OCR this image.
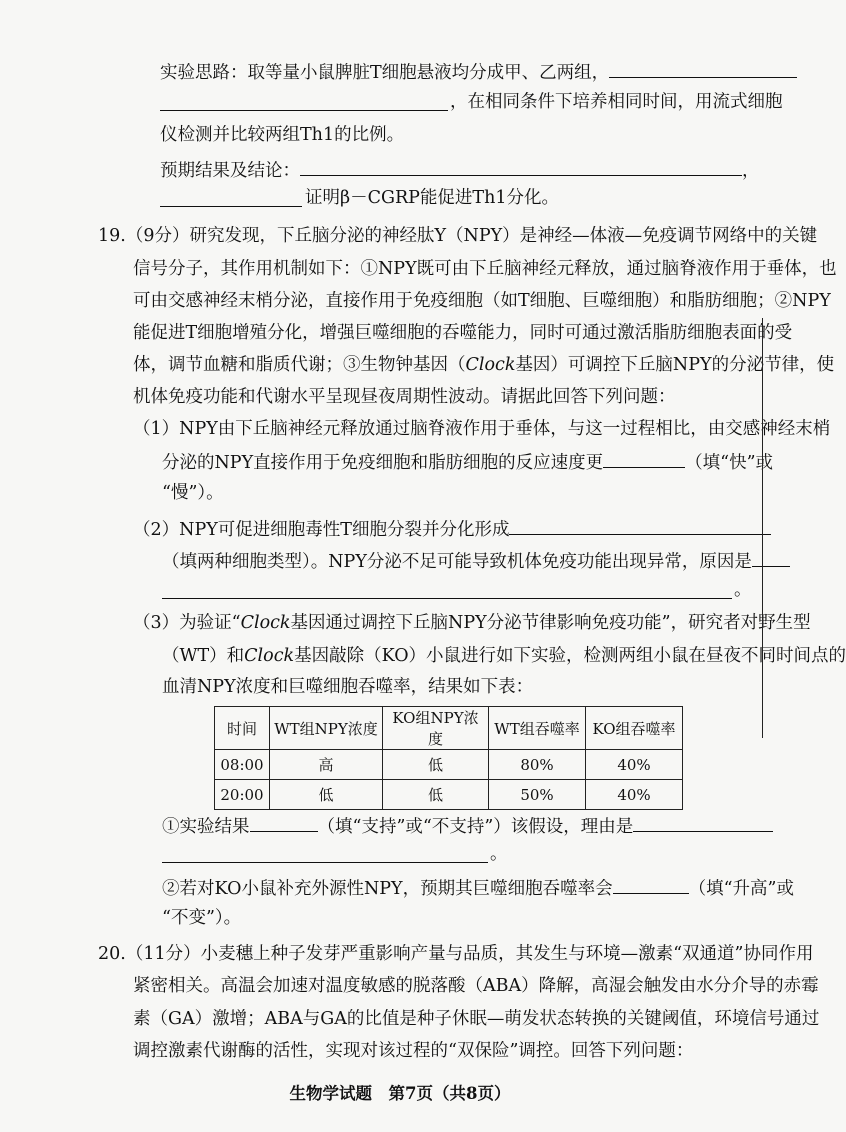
实验思路：取等量小鼠脾脏T细胞悬液均分成甲、乙两组，
，在相同条件下培养相同时间，用流式细胞
仪检测并比较两组Th1的比例。
预期结果及结论：	，
证明β－CGRP能促进Th1分化。
19.（9分）研究发现，下丘脑分泌的神经肽Y（NPY）是神经—体液—免疫调节网络中的关键
信号分子，其作用机制如下：①NPY既可由下丘脑神经元释放，通过脑脊液作用于垂体，也
可由交感神经末梢分泌，直接作用于免疫细胞（如T细胞、巨噬细胞）和脂肪细胞；②NPY
能促进T细胞增殖分化，增强巨噬细胞的吞噬能力，同时可通过激活脂肪细胞表面的受
体，调节血糖和脂质代谢；③生物钟基因（Clock基因）可调控下丘脑NPY的分泌节律，使
机体免疫功能和代谢水平呈现昼夜周期性波动。请据此回答下列问题：
（1）NPY由下丘脑神经元释放通过脑脊液作用于垂体，与这一过程相比，由交感神经末梢
分泌的NPY直接作用于免疫细胞和脂肪细胞的反应速度更	（填“快”或
“慢”）。
（2）NPY可促进细胞毒性T细胞分裂并分化形成
（填两种细胞类型）。NPY分泌不足可能导致机体免疫功能出现异常，原因是
。
（3）为验证“Clock基因通过调控下丘脑NPY分泌节律影响免疫功能”，研究者对野生型
（WT）和Clock基因敲除（KO）小鼠进行如下实验，检测两组小鼠在昼夜不同时间点的
血清NPY浓度和巨噬细胞吞噬率，结果如下表：
时间	WT组NPY浓度	KO组NPY浓度	WT组吞噬率	KO组吞噬率
08:00	高	低	80%	40%
20:00	低	低	50%	40%
①实验结果	（填“支持”或“不支持”）该假设，理由是
。
②若对KO小鼠补充外源性NPY，预期其巨噬细胞吞噬率会	（填“升高”或
“不变”）。
20.（11分）小麦穗上种子发芽严重影响产量与品质，其发生与环境—激素“双通道”协同作用
紧密相关。高温会加速对温度敏感的脱落酸（ABA）降解，高湿会触发由水分介导的赤霉
素（GA）激增；ABA与GA的比值是种子休眠—萌发状态转换的关键阈值，环境信号通过
调控激素代谢酶的活性，实现对该过程的“双保险”调控。回答下列问题：
生物学试题　第7页（共8页）
